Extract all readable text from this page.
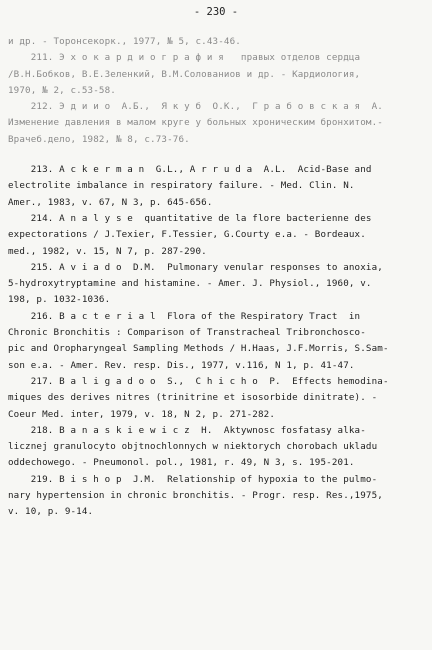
- 230 -
и др. - Тоpонсекорк., 1977, № 5, с.43-46.
211. Э х о к а р д и о г р а ф и я   правых отделов сердца
/В.Н.Бобков, В.Е.Зеленкий, В.М.Солованиов и др. - Кардиология,
1970, № 2, с.53-58.
212. Э д и и о  А.Б.,  Я к у б  О.К.,  Г р а б о в с к а я  А.
Изменение давления в малом круге у больных хроническим бронхитом.-
Врачеб.дело, 1982, № 8, с.73-76.
213. A c k e r m a n  G.L., A r r u d a  A.L.  Acid-Base and
electrolite imbalance in respiratory failure. - Med. Clin. N.
Amer., 1983, v. 67, N 3, p. 645-656.
214. A n a l y s e  quantitative de la flore bacterienne des
expectorations / J.Texier, F.Tessier, G.Courty e.a. - Bordeaux.
med., 1982, v. 15, N 7, p. 287-290.
215. A v i a d o  D.M.  Pulmonary venular responses to anoxia,
5-hydroxytryptamine and histamine. - Amer. J. Physiol., 1960, v.
198, p. 1032-1036.
216. B a c t e r i a l  Flora of the Respiratory Tract  in
Chronic Bronchitis : Comparison of Transtracheal Tribronchoscо-
pic and Oropharyngeal Sampling Methods / H.Haas, J.F.Morris, S.Sam-
son e.a. - Amer. Rev. resp. Dis., 1977, v.116, N 1, p. 41-47.
217. B a l i g a d o o  S.,  C h i c h o  P.  Effects hemodina-
miques des derives nitres (trinitrine et isosorbide dinitrate). -
Coeur Med. inter, 1979, v. 18, N 2, p. 271-282.
218. B a n a s k i e w i c z  H.  Aktywnosc fosfatasy alka-
licznej granulocyto objtnochlonnych w niektorych chorobach ukladu
oddechowego. - Pneumonol. pol., 1981, r. 49, N 3, s. 195-201.
219. B i s h o p  J.M.  Relationship of hypoxia to the pulmo-
nary hypertension in chronic bronchitis. - Progr. resp. Res.,1975,
v. 10, p. 9-14.
